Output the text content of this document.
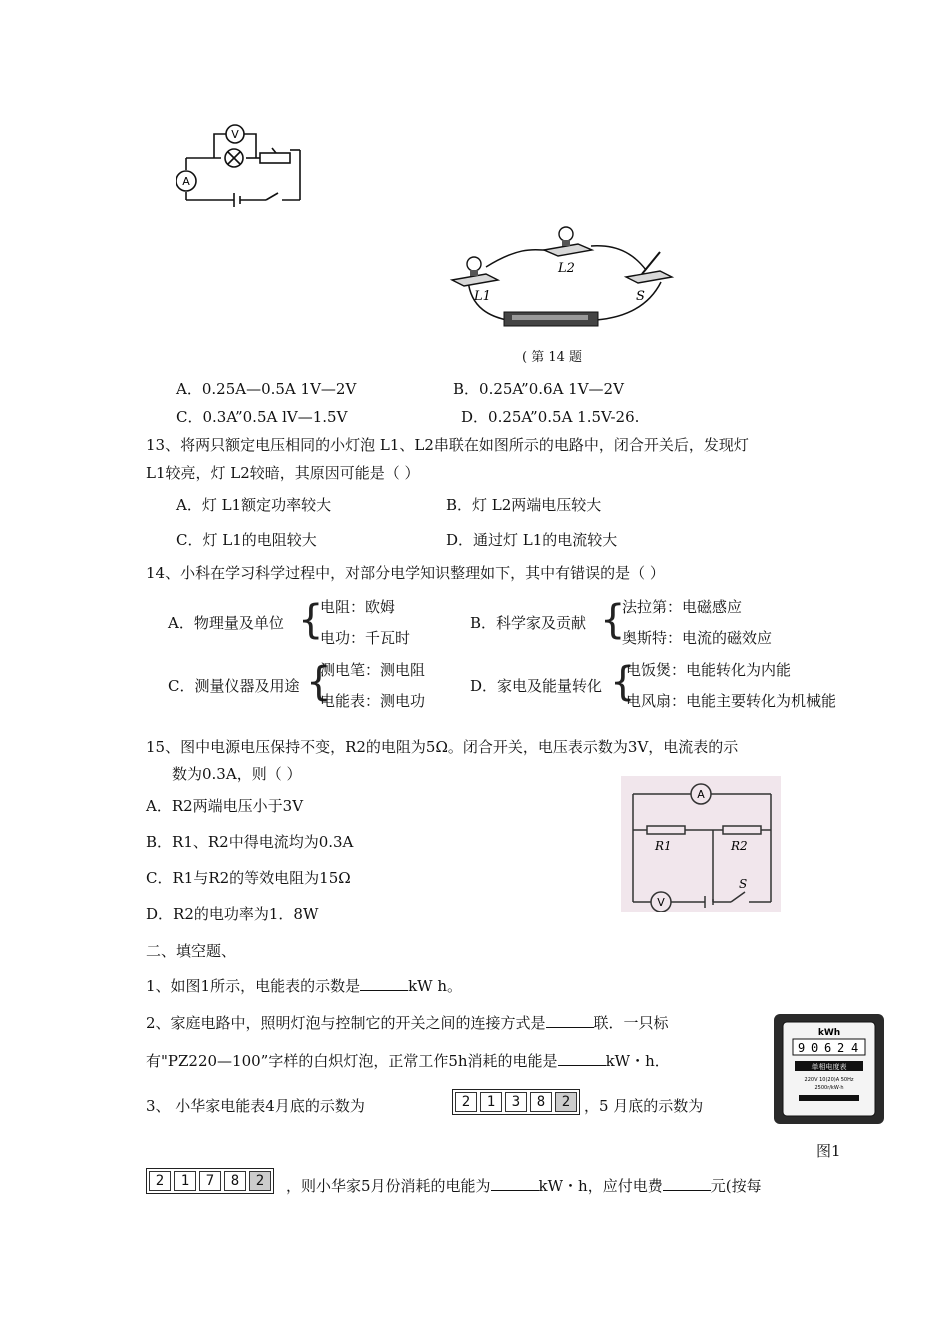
V
A
L1
L2
S
( 第 14 题
A．0.25A—0.5A 1V—2V	B．0.25A”0.6A 1V—2V
C．0.3A”0.5A lV—1.5V	D．0.25A”0.5A 1.5V-26.
13、将两只额定电压相同的小灯泡 L1、L2串联在如图所示的电路中，闭合开关后，发现灯
L1较亮，灯 L2较暗，其原因可能是（ ）
A．灯 L1额定功率较大	B．灯 L2两端电压较大
C．灯 L1的电阻较大	D．通过灯 L1的电流较大
14、小科在学习科学过程中，对部分电学知识整理如下，其中有错误的是（ ）
A．物理量及单位 {
电阻：欧姆
电功：千瓦时
B．科学家及贡献 {
法拉第：电磁感应
奥斯特：电流的磁效应
C．测量仪器及用途 {
测电笔：测电阻
电能表：测电功
D．家电及能量转化 {
电饭煲：电能转化为内能
电风扇：电能主要转化为机械能
15、图中电源电压保持不变，R2的电阻为5Ω。闭合开关，电压表示数为3V，电流表的示
数为0.3A，则（ ）
A．R2两端电压小于3V
B．R1、R2中得电流均为0.3A
C．R1与R2的等效电阻为15Ω
D．R2的电功率为1．8W
A
V
R1	R2
S
二、填空题、
1、如图1所示，电能表的示数是	kW h。
2、家庭电路中，照明灯泡与控制它的开关之间的连接方式是	联．一只标
有"PZ220—100”字样的白炽灯泡，正常工作5h消耗的电能是	kW・h．
3、 小华家电能表4月底的示数为	2	1	3	8	2 ，5 月底的示数为
2	1	7	8	2	，则小华家5月份消耗的电能为	kW・h，应付电费	元(按每
kWh
9 0 6 2 4
单相电度表
220V 10(20)A 50Hz
2500r/kW·h
图1
